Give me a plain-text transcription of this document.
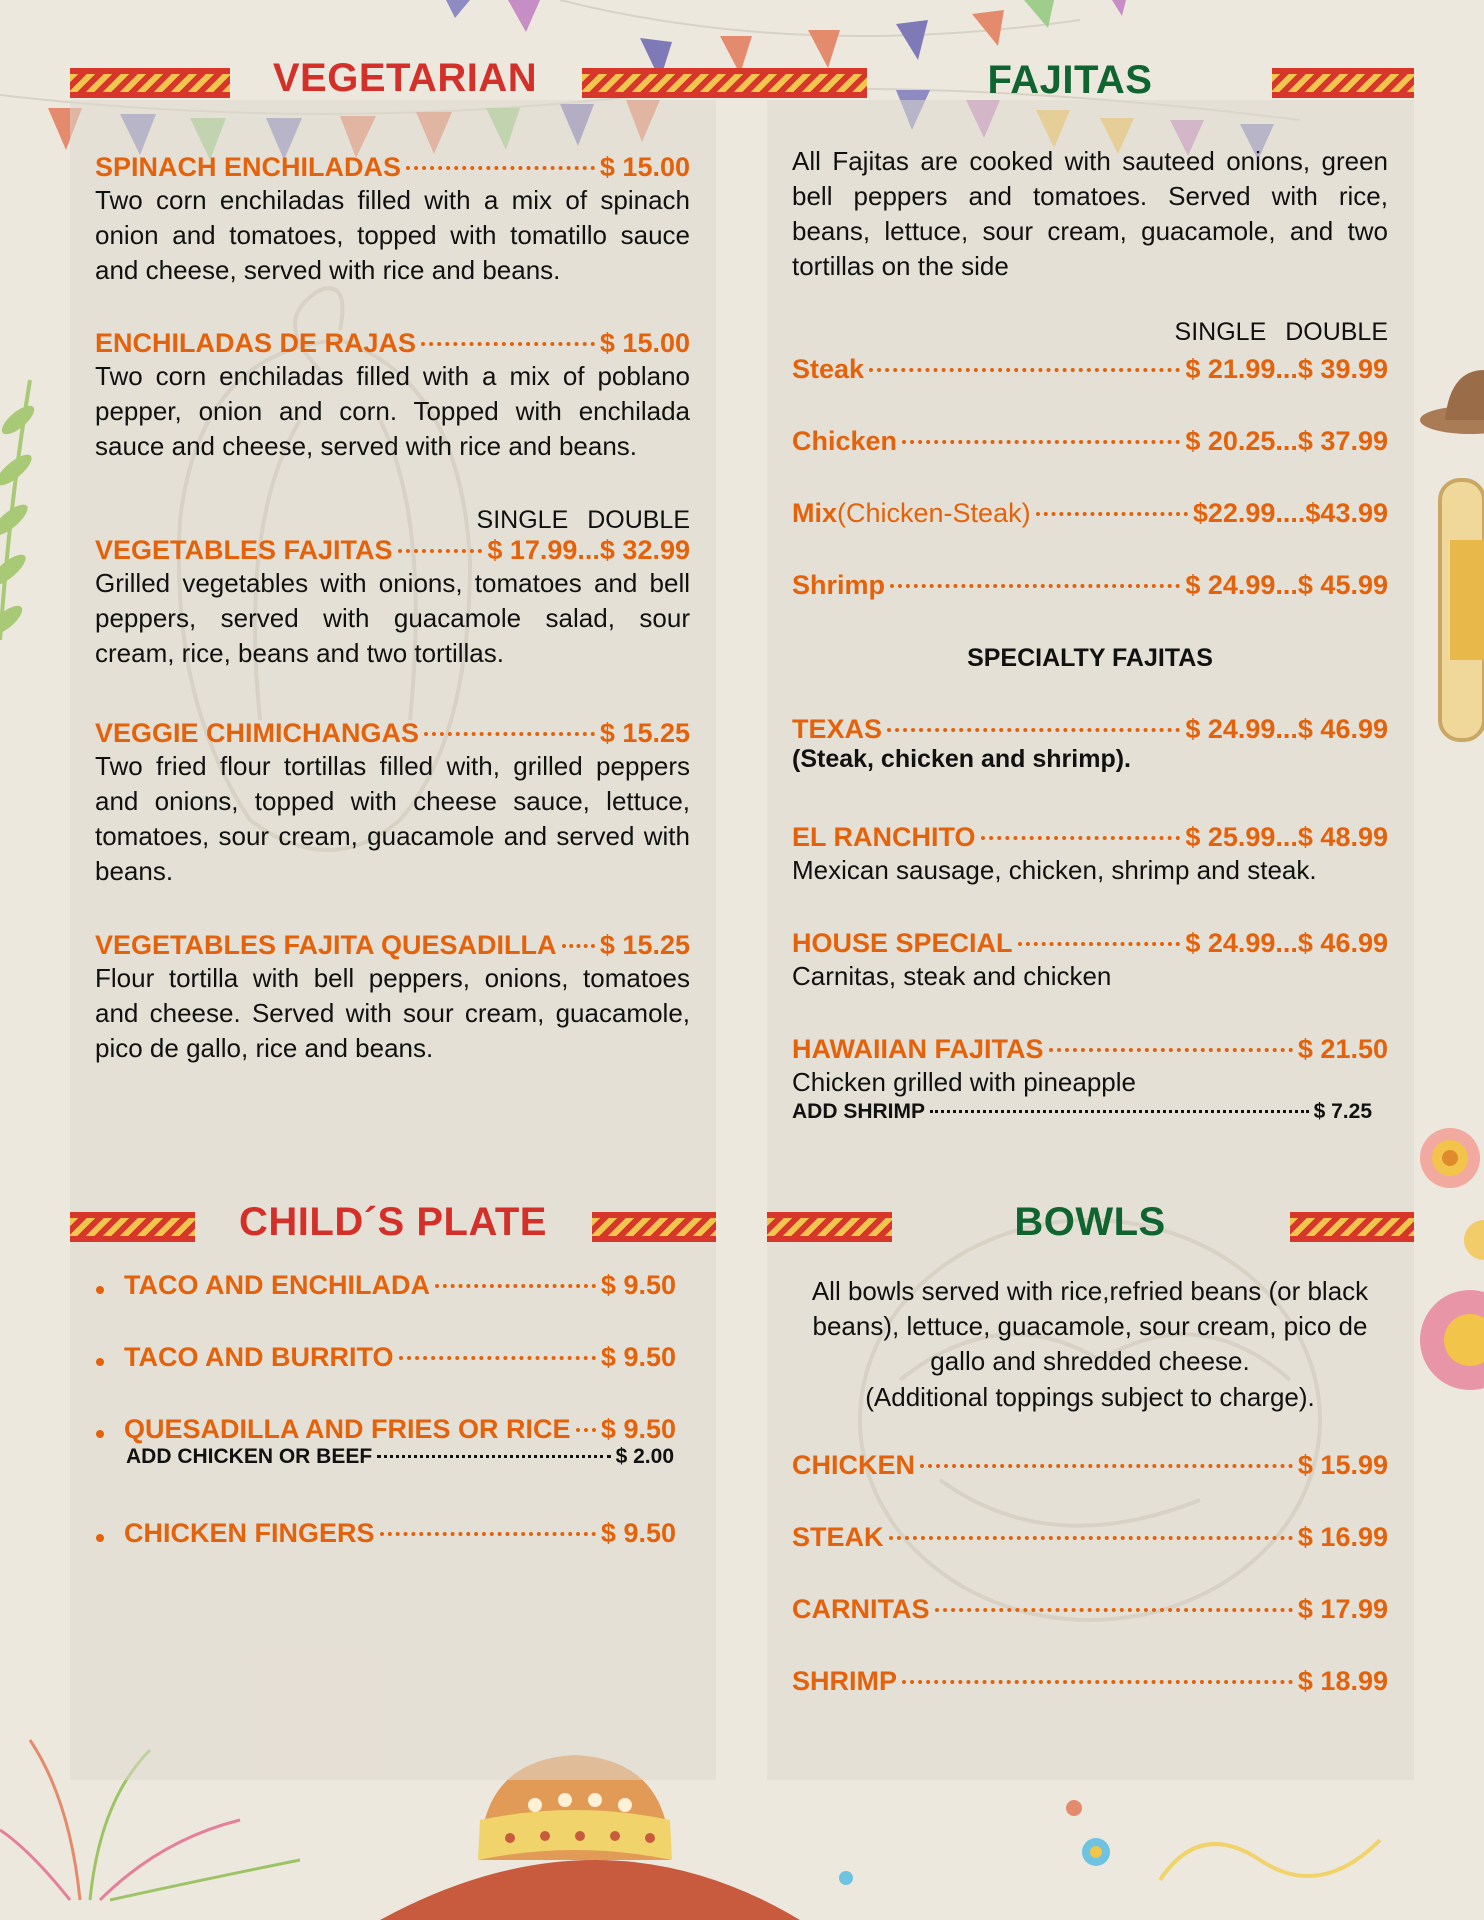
VEGETARIAN	FAJITAS
SPINACH ENCHILADAS	$ 15.00
Two corn enchiladas filled with a mix of spinach onion and tomatoes, topped with tomatillo sauce and cheese, served with rice and beans.
ENCHILADAS DE RAJAS	$ 15.00
Two corn enchiladas filled with a mix of poblano pepper, onion and corn. Topped with enchilada sauce and cheese, served with rice and beans.
SINGLE DOUBLE
VEGETABLES FAJITAS	$ 17.99...$ 32.99
Grilled vegetables with onions, tomatoes and bell peppers, served with guacamole salad, sour cream, rice, beans and two tortillas.
VEGGIE CHIMICHANGAS	$ 15.25
Two fried flour tortillas filled with, grilled peppers and onions, topped with cheese sauce, lettuce, tomatoes, sour cream, guacamole and served with beans.
VEGETABLES FAJITA QUESADILLA $ 15.25
Flour tortilla with bell peppers, onions, tomatoes and cheese. Served with sour cream, guacamole, pico de gallo, rice and beans.
All Fajitas are cooked with sauteed onions, green bell peppers and tomatoes. Served with rice, beans, lettuce, sour cream, guacamole, and two tortillas on the side
SINGLE DOUBLE
Steak	$ 21.99...$ 39.99
Chicken	$ 20.25...$ 37.99
Mix (Chicken-Steak)	$22.99....$43.99
Shrimp	$ 24.99...$ 45.99
SPECIALTY FAJITAS
TEXAS	$ 24.99...$ 46.99
(Steak, chicken and shrimp).
EL RANCHITO	$ 25.99...$ 48.99
Mexican sausage, chicken, shrimp and steak.
HOUSE SPECIAL	$ 24.99...$ 46.99
Carnitas, steak and chicken
HAWAIIAN FAJITAS	$ 21.50
Chicken grilled with pineapple
ADD SHRIMP	$ 7.25
CHILD´S PLATE
TACO AND ENCHILADA	$ 9.50
TACO AND BURRITO	$ 9.50
QUESADILLA AND FRIES OR RICE $ 9.50
ADD CHICKEN OR BEEF	$ 2.00
CHICKEN FINGERS	$ 9.50
BOWLS
All bowls served with rice,refried beans (or black beans), lettuce, guacamole, sour cream, pico de gallo and shredded cheese.
(Additional toppings subject to charge).
CHICKEN	$ 15.99
STEAK	$ 16.99
CARNITAS	$ 17.99
SHRIMP	$ 18.99
